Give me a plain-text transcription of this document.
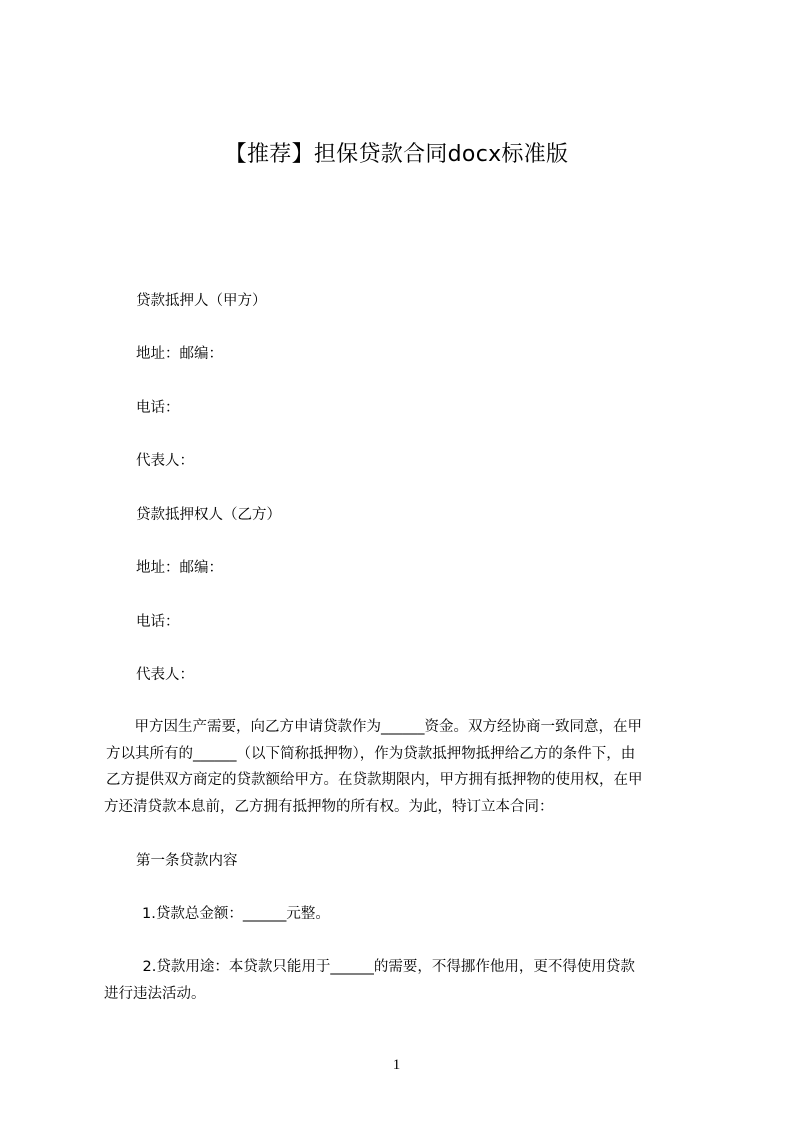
【推荐】担保贷款合同docx标准版
贷款抵押人（甲方）
地址：邮编：
电话：
代表人：
贷款抵押权人（乙方）
地址：邮编：
电话：
代表人：
　甲方因生产需要，向乙方申请贷款作为______资金。双方经协商一致同意，在甲
方以其所有的______（以下简称抵押物），作为贷款抵押物抵押给乙方的条件下，由
乙方提供双方商定的贷款额给甲方。在贷款期限内，甲方拥有抵押物的使用权，在甲
方还清贷款本息前，乙方拥有抵押物的所有权。为此，特订立本合同：
第一条贷款内容
1.贷款总金额：______元整。
　2.贷款用途：本贷款只能用于______的需要，不得挪作他用，更不得使用贷款
进行违法活动。
1
